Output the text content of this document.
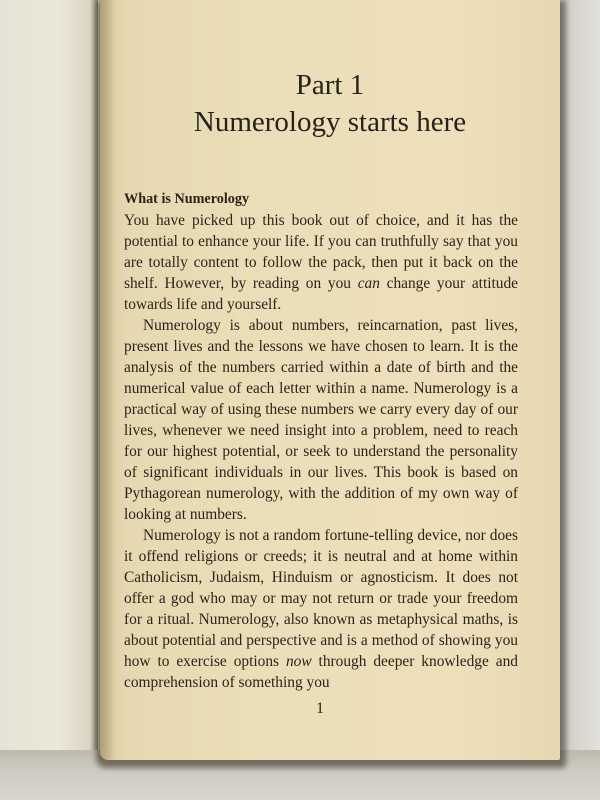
Part 1
Numerology starts here

What is Numerology

You have picked up this book out of choice, and it has the potential to enhance your life. If you can truthfully say that you are totally content to follow the pack, then put it back on the shelf. However, by reading on you can change your attitude towards life and yourself.

Numerology is about numbers, reincarnation, past lives, present lives and the lessons we have chosen to learn. It is the analysis of the numbers carried within a date of birth and the numerical value of each letter within a name. Numerology is a practical way of using these numbers we carry every day of our lives, whenever we need insight into a problem, need to reach for our highest potential, or seek to understand the personality of significant individuals in our lives. This book is based on Pythagorean numerology, with the addition of my own way of looking at numbers.

Numerology is not a random fortune-telling device, nor does it offend religions or creeds; it is neutral and at home within Catholicism, Judaism, Hinduism or agnosticism. It does not offer a god who may or may not return or trade your freedom for a ritual. Numerology, also known as metaphysical maths, is about potential and perspective and is a method of showing you how to exercise options now through deeper knowledge and comprehension of something you

1
